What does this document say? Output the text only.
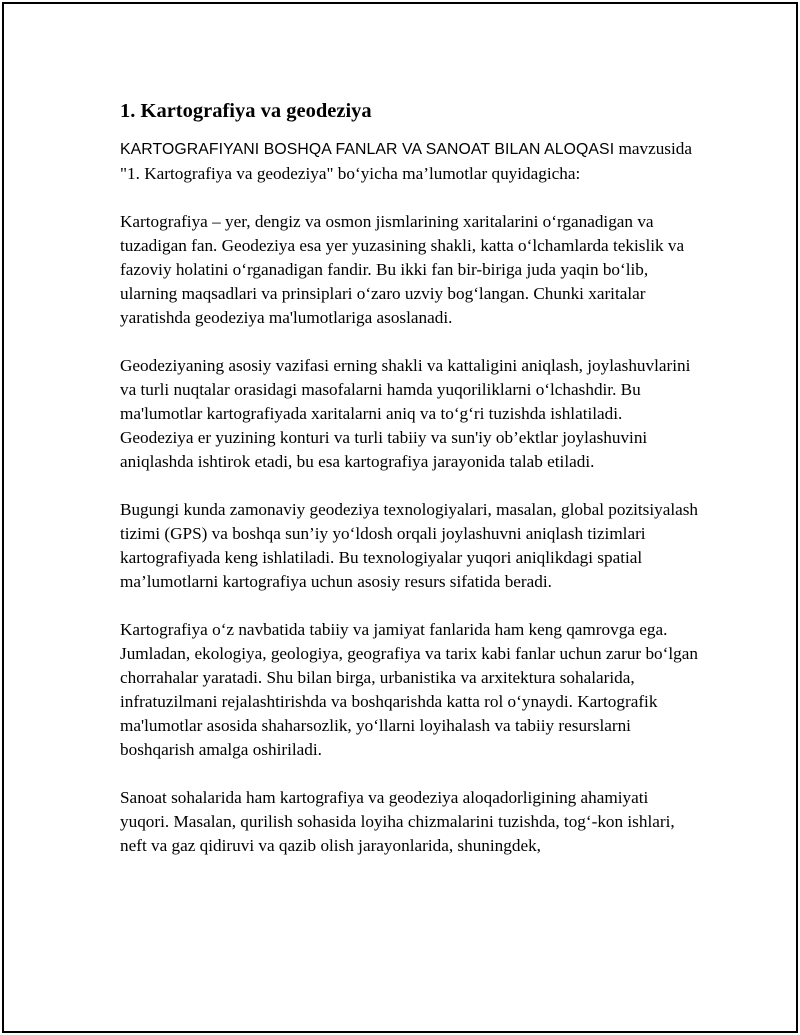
1. Kartografiya va geodeziya

KARTOGRAFIYANI BOSHQA FANLAR VA SANOAT BILAN ALOQASI mavzusida "1. Kartografiya va geodeziya" bo‘yicha ma’lumotlar quyidagicha:

Kartografiya – yer, dengiz va osmon jismlarining xaritalarini o‘rganadigan va tuzadigan fan. Geodeziya esa yer yuzasining shakli, katta o‘lchamlarda tekislik va fazoviy holatini o‘rganadigan fandir. Bu ikki fan bir-biriga juda yaqin bo‘lib, ularning maqsadlari va prinsiplari o‘zaro uzviy bog‘langan. Chunki xaritalar yaratishda geodeziya ma'lumotlariga asoslanadi.

Geodeziyaning asosiy vazifasi erning shakli va kattaligini aniqlash, joylashuvlarini va turli nuqtalar orasidagi masofalarni hamda yuqoriliklarni o‘lchashdir. Bu ma'lumotlar kartografiyada xaritalarni aniq va to‘g‘ri tuzishda ishlatiladi. Geodeziya er yuzining konturi va turli tabiiy va sun'iy ob’ektlar joylashuvini aniqlashda ishtirok etadi, bu esa kartografiya jarayonida talab etiladi.

Bugungi kunda zamonaviy geodeziya texnologiyalari, masalan, global pozitsiyalash tizimi (GPS) va boshqa sun’iy yo‘ldosh orqali joylashuvni aniqlash tizimlari kartografiyada keng ishlatiladi. Bu texnologiyalar yuqori aniqlikdagi spatial ma’lumotlarni kartografiya uchun asosiy resurs sifatida beradi.

Kartografiya o‘z navbatida tabiiy va jamiyat fanlarida ham keng qamrovga ega. Jumladan, ekologiya, geologiya, geografiya va tarix kabi fanlar uchun zarur bo‘lgan chorrahalar yaratadi. Shu bilan birga, urbanistika va arxitektura sohalarida, infratuzilmani rejalashtirishda va boshqarishda katta rol o‘ynaydi. Kartografik ma'lumotlar asosida shaharsozlik, yo‘llarni loyihalash va tabiiy resurslarni boshqarish amalga oshiriladi.

Sanoat sohalarida ham kartografiya va geodeziya aloqadorligining ahamiyati yuqori. Masalan, qurilish sohasida loyiha chizmalarini tuzishda, tog‘-kon ishlari, neft va gaz qidiruvi va qazib olish jarayonlarida, shuningdek,
